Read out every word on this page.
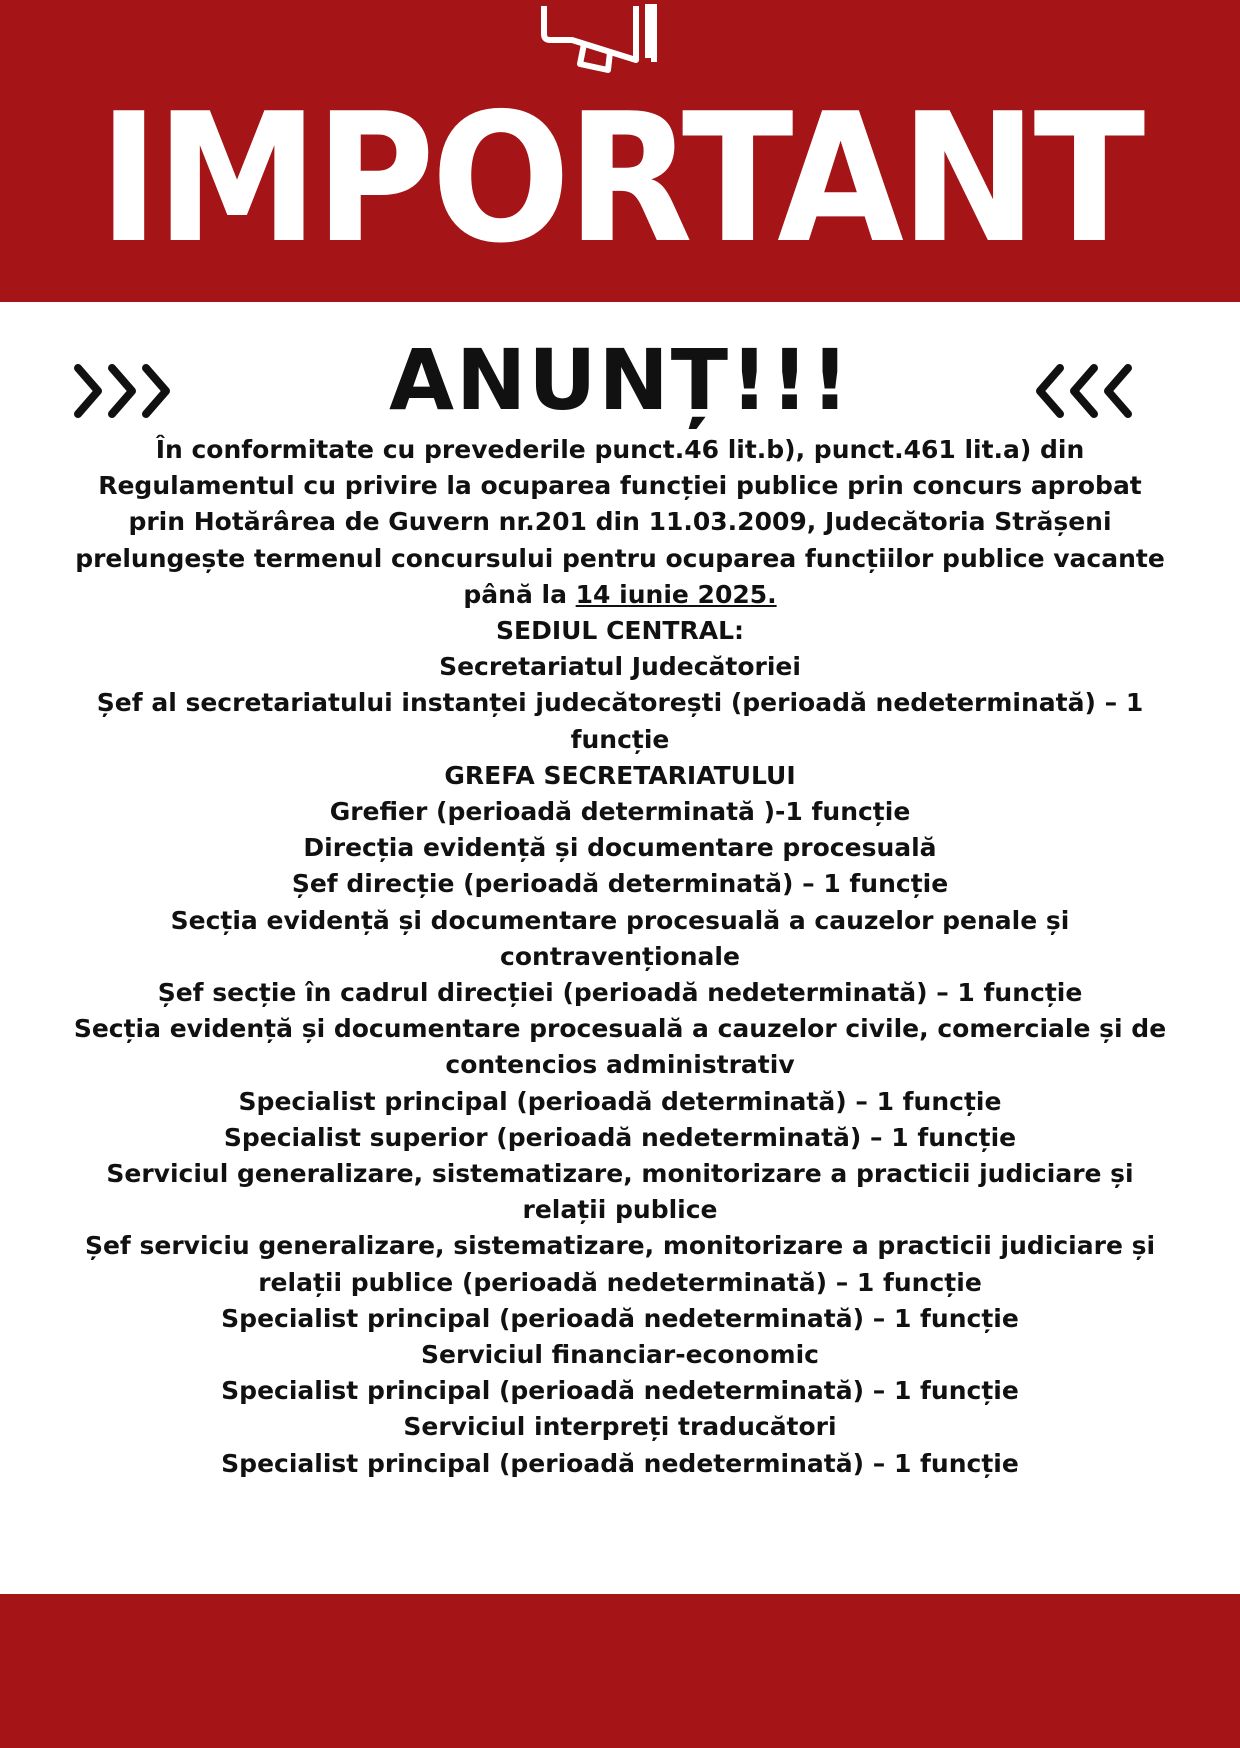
IMPORTANT
ANUNȚ!!!

În conformitate cu prevederile punct.46 lit.b), punct.461 lit.a) din Regulamentul cu privire la ocuparea funcției publice prin concurs aprobat prin Hotărârea de Guvern nr.201 din 11.03.2009, Judecătoria Strășeni prelungește termenul concursului pentru ocuparea funcțiilor publice vacante până la 14 iunie 2025.

SEDIUL CENTRAL:

Secretariatul Judecătoriei

Șef al secretariatului instanței judecătorești (perioadă nedeterminată) – 1 funcție

GREFA SECRETARIATULUI

Grefier (perioadă determinată )-1 funcție

Direcția evidență și documentare procesuală

Șef direcție (perioadă determinată) – 1 funcție

Secția evidență și documentare procesuală a cauzelor penale și contravenționale

Șef secție în cadrul direcției (perioadă nedeterminată) – 1 funcție

Secția evidență și documentare procesuală a cauzelor civile, comerciale și de contencios administrativ

Specialist principal (perioadă determinată) – 1 funcție

Specialist superior (perioadă nedeterminată) – 1 funcție

Serviciul generalizare, sistematizare, monitorizare a practicii judiciare și relații publice

Șef serviciu generalizare, sistematizare, monitorizare a practicii judiciare și relații publice (perioadă nedeterminată) – 1 funcție

Specialist principal (perioadă nedeterminată) – 1 funcție

Serviciul financiar-economic

Specialist principal (perioadă nedeterminată) – 1 funcție

Serviciul interpreți traducători

Specialist principal (perioadă nedeterminată) – 1 funcție
